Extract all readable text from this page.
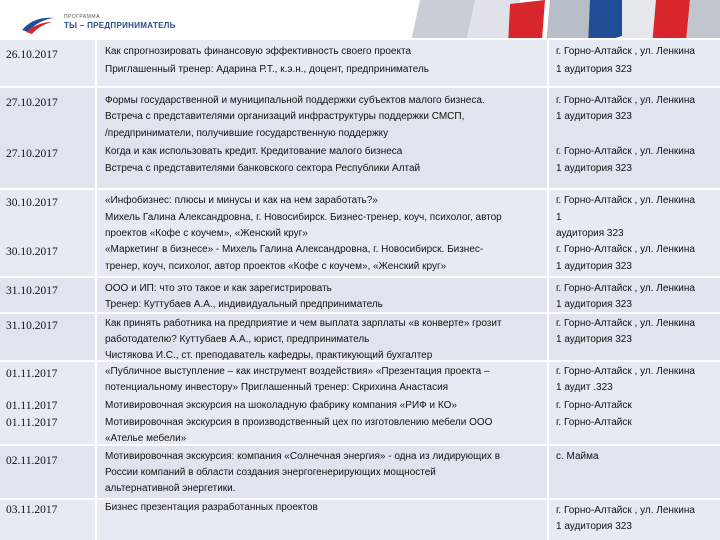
ПРОГРАММА
ТЫ – ПРЕДПРИНИМАТЕЛЬ
26.10.2017	Как спрогнозировать финансовую эффективность своего проекта
Приглашенный тренер: Адарина Р.Т., к.э.н., доцент, предприниматель
г. Горно-Алтайск , ул. Ленкина
1 аудитория 323
27.10.2017	Формы государственной и муниципальной поддержки субъектов малого бизнеса.
Встреча с представителями организаций инфраструктуры поддержки СМСП,
/предприниматели, получившие государственную поддержку
г. Горно-Алтайск , ул. Ленкина
1 аудитория 323
27.10.2017	Когда и как использовать кредит. Кредитование малого бизнеса
Встреча с представителями банковского сектора Республики Алтай
г. Горно-Алтайск , ул. Ленкина
1 аудитория 323
30.10.2017	«Инфобизнес: плюсы и минусы и как на нем заработать?»
Михель Галина Александровна, г. Новосибирск. Бизнес-тренер, коуч, психолог, автор
проектов «Кофе с коучем», «Женский круг»
г. Горно-Алтайск , ул. Ленкина
1
аудитория 323
30.10.2017	«Маркетинг в бизнесе» - Михель Галина Александровна, г. Новосибирск. Бизнес-
тренер, коуч, психолог, автор проектов «Кофе с коучем», «Женский круг»
г. Горно-Алтайск , ул. Ленкина
1 аудитория 323
31.10.2017	ООО и ИП: что это такое и как зарегистрировать
Тренер: Куттубаев А.А., индивидуальный предприниматель
г. Горно-Алтайск , ул. Ленкина
1 аудитория 323
31.10.2017	Как принять работника на предприятие и чем выплата зарплаты «в конверте» грозит
работодателю? Куттубаев А.А., юрист, предприниматель
Чистякова И.С., ст. преподаватель кафедры, практикующий бухгалтер
г. Горно-Алтайск , ул. Ленкина
1 аудитория 323
01.11.2017	«Публичное выступление – как инструмент воздействия» «Презентация проекта –
потенциальному инвестору» Приглашенный тренер: Скрихина Анастасия
г. Горно-Алтайск , ул. Ленкина
1 аудит .323
01.11.2017	Мотивировочная экскурсия на шоколадную фабрику компания «РИФ и КО»	г. Горно-Алтайск
01.11.2017	Мотивировочная экскурсия в производственный цех по изготовлению мебели ООО
«Ателье мебели»
г. Горно-Алтайск
02.11.2017	Мотивировочная экскурсия: компания «Солнечная энергия» - одна из лидирующих в
России компаний в области создания энергогенерирующих мощностей
альтернативной энергетики.
с. Майма
03.11.2017	Бизнес презентация разработанных проектов	г. Горно-Алтайск , ул. Ленкина
1 аудитория 323
